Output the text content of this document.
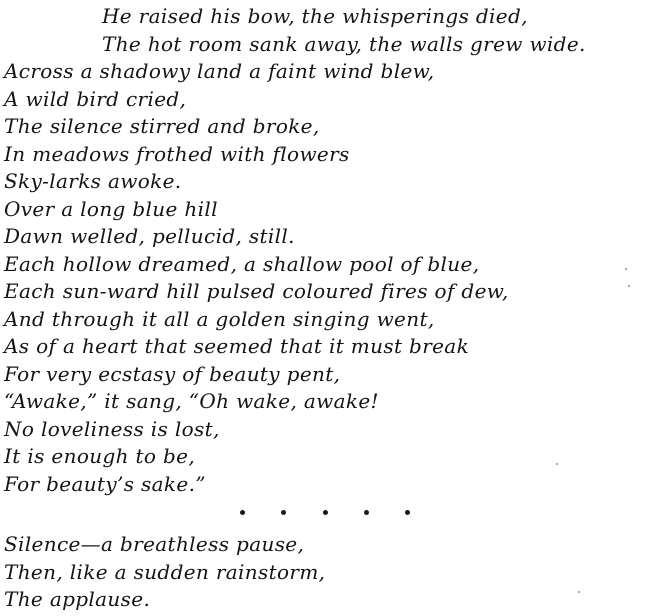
He raised his bow, the whisperings died,
The hot room sank away, the walls grew wide.
Across a shadowy land a faint wind blew,
A wild bird cried,
The silence stirred and broke,
In meadows frothed with flowers
Sky-larks awoke.
Over a long blue hill
Dawn welled, pellucid, still.
Each hollow dreamed, a shallow pool of blue,
Each sun-ward hill pulsed coloured fires of dew,
And through it all a golden singing went,
As of a heart that seemed that it must break
For very ecstasy of beauty pent,
“Awake,” it sang, “Oh wake, awake!
No loveliness is lost,
It is enough to be,
For beauty’s sake.”
Silence—a breathless pause,
Then, like a sudden rainstorm,
The applause.
